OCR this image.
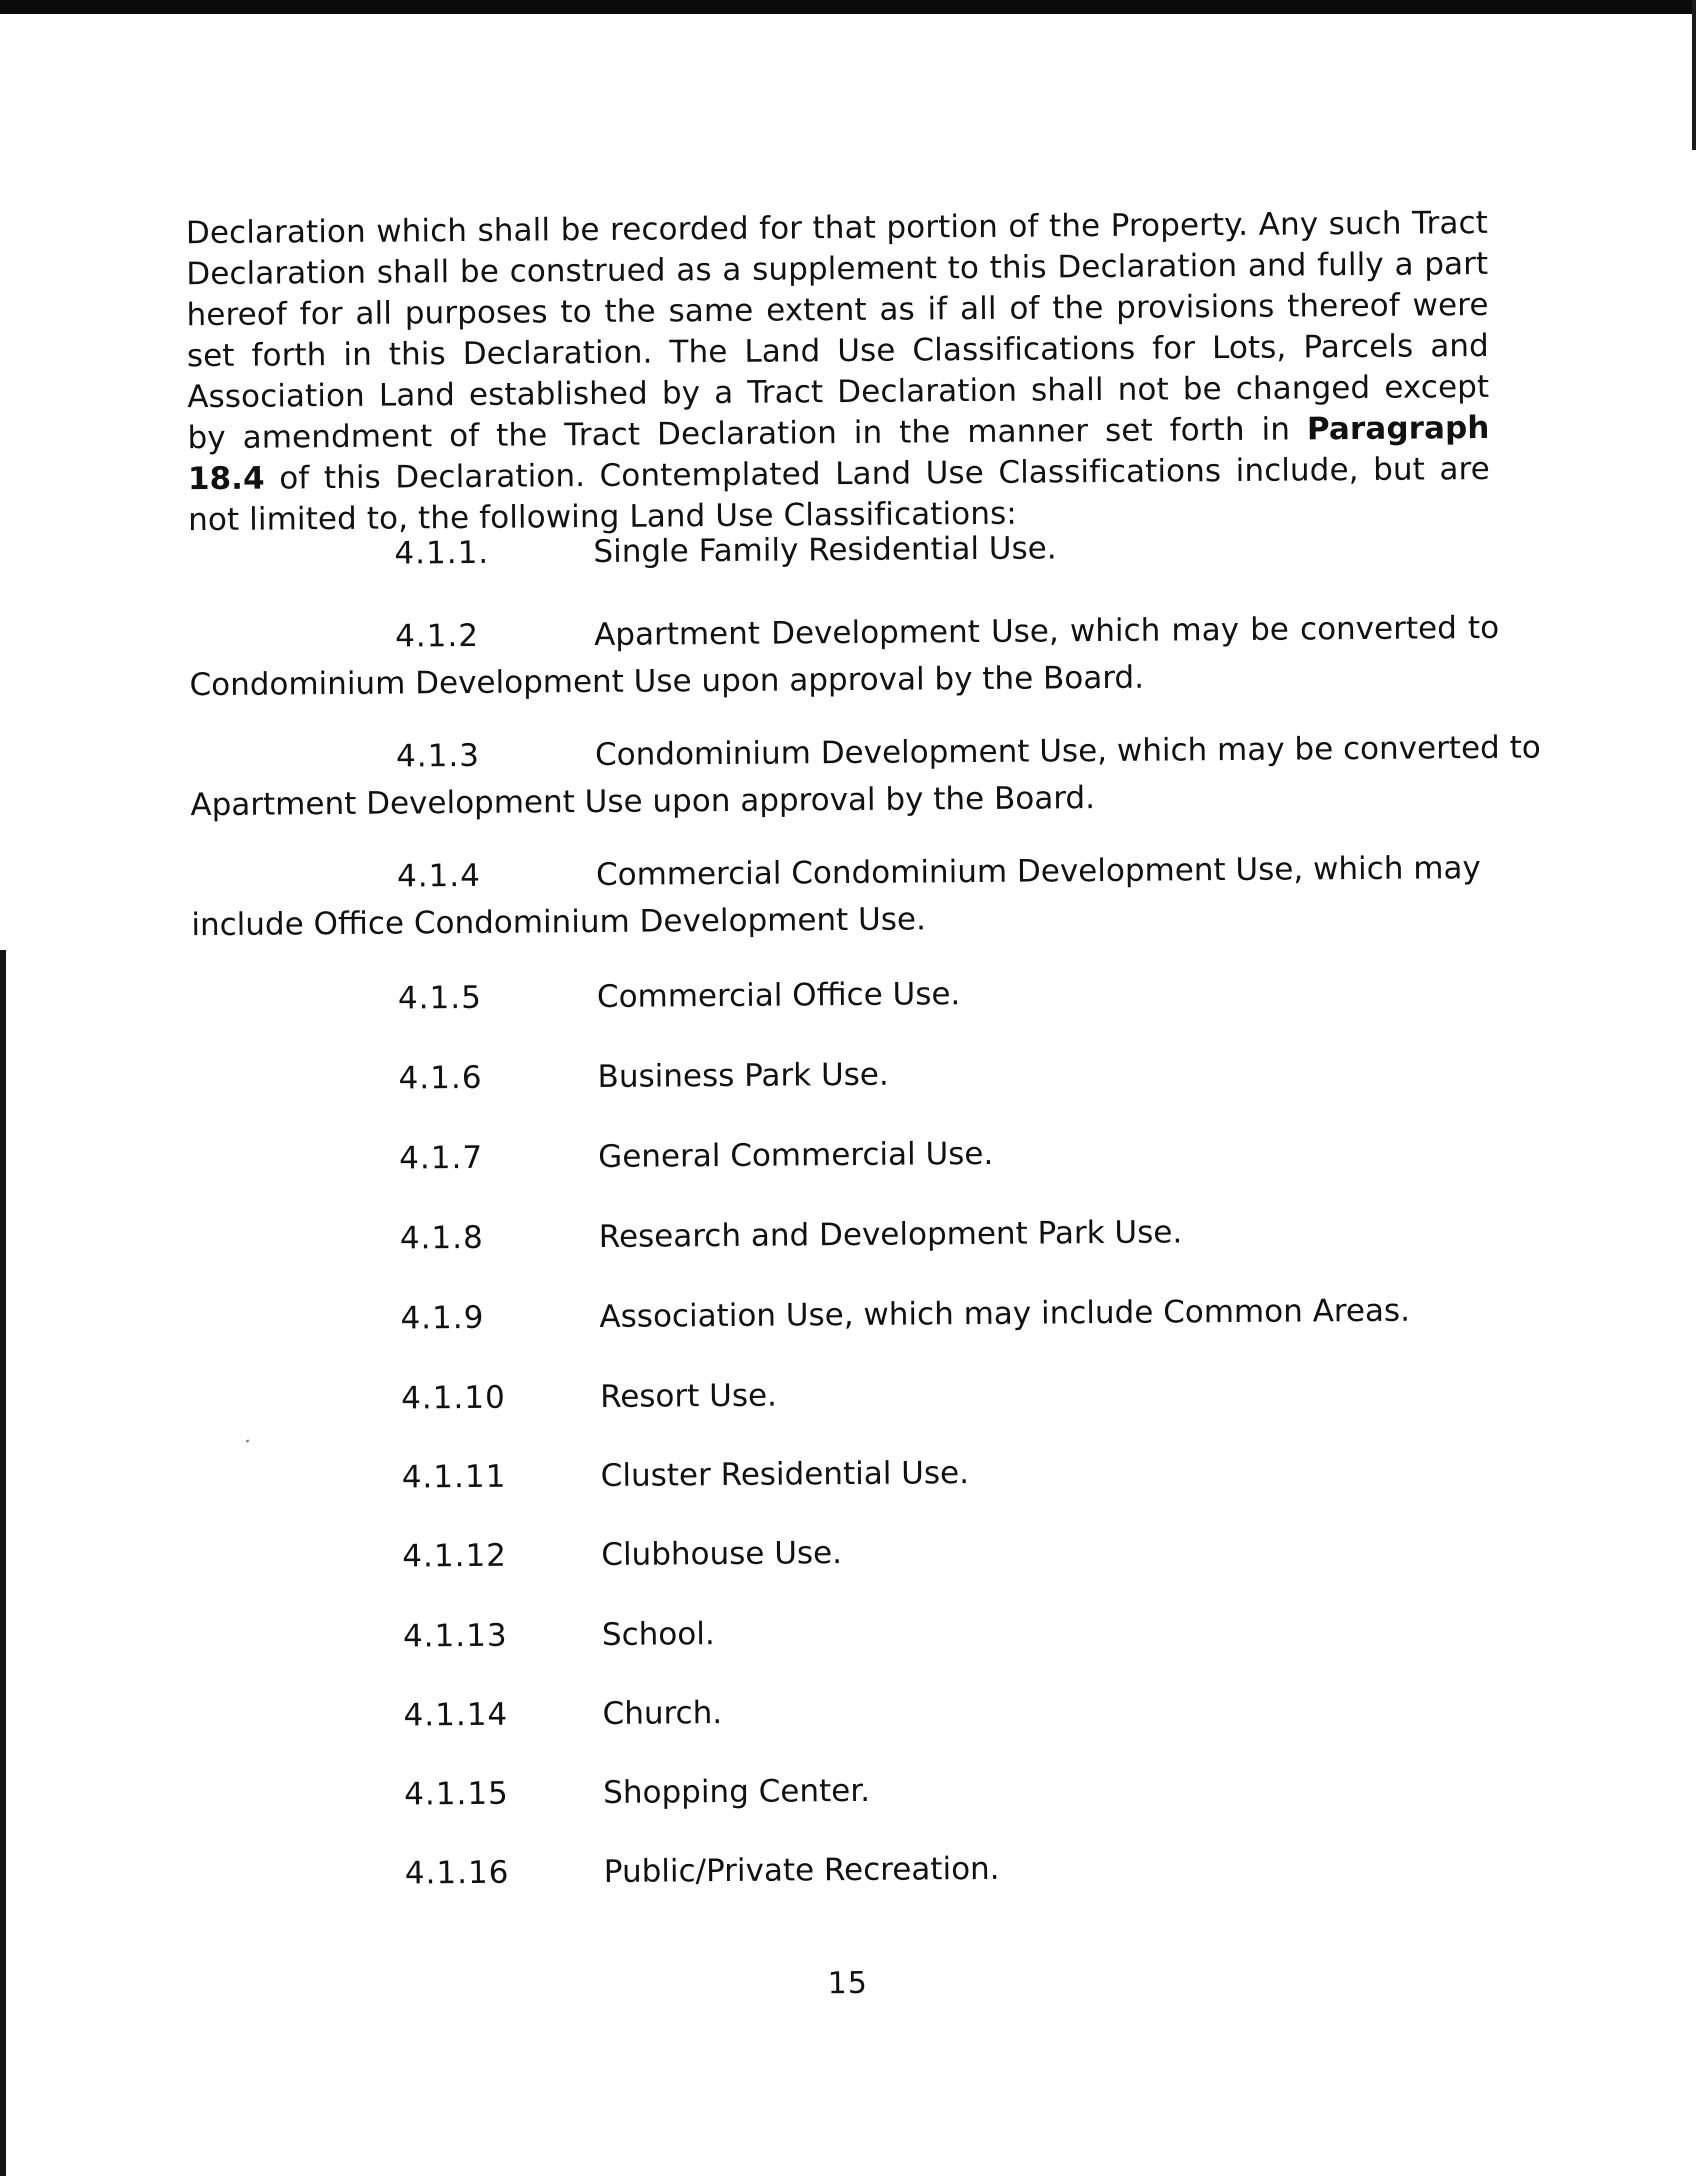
Declaration which shall be recorded for that portion of the Property. Any such Tract Declaration shall be construed as a supplement to this Declaration and fully a part hereof for all purposes to the same extent as if all of the provisions thereof were set forth in this Declaration. The Land Use Classifications for Lots, Parcels and Association Land established by a Tract Declaration shall not be changed except by amendment of the Tract Declaration in the manner set forth in Paragraph 18.4 of this Declaration. Contemplated Land Use Classifications include, but are not limited to, the following Land Use Classifications:

4.1.1.	Single Family Residential Use.
4.1.2	Apartment Development Use, which may be converted to
Condominium Development Use upon approval by the Board.
4.1.3	Condominium Development Use, which may be converted to
Apartment Development Use upon approval by the Board.
4.1.4	Commercial Condominium Development Use, which may
include Office Condominium Development Use.
4.1.5	Commercial Office Use.
4.1.6	Business Park Use.
4.1.7	General Commercial Use.
4.1.8	Research and Development Park Use.
4.1.9	Association Use, which may include Common Areas.
4.1.10	Resort Use.
4.1.11	Cluster Residential Use.
4.1.12	Clubhouse Use.
4.1.13	School.
4.1.14	Church.
4.1.15	Shopping Center.
4.1.16	Public/Private Recreation.
15
